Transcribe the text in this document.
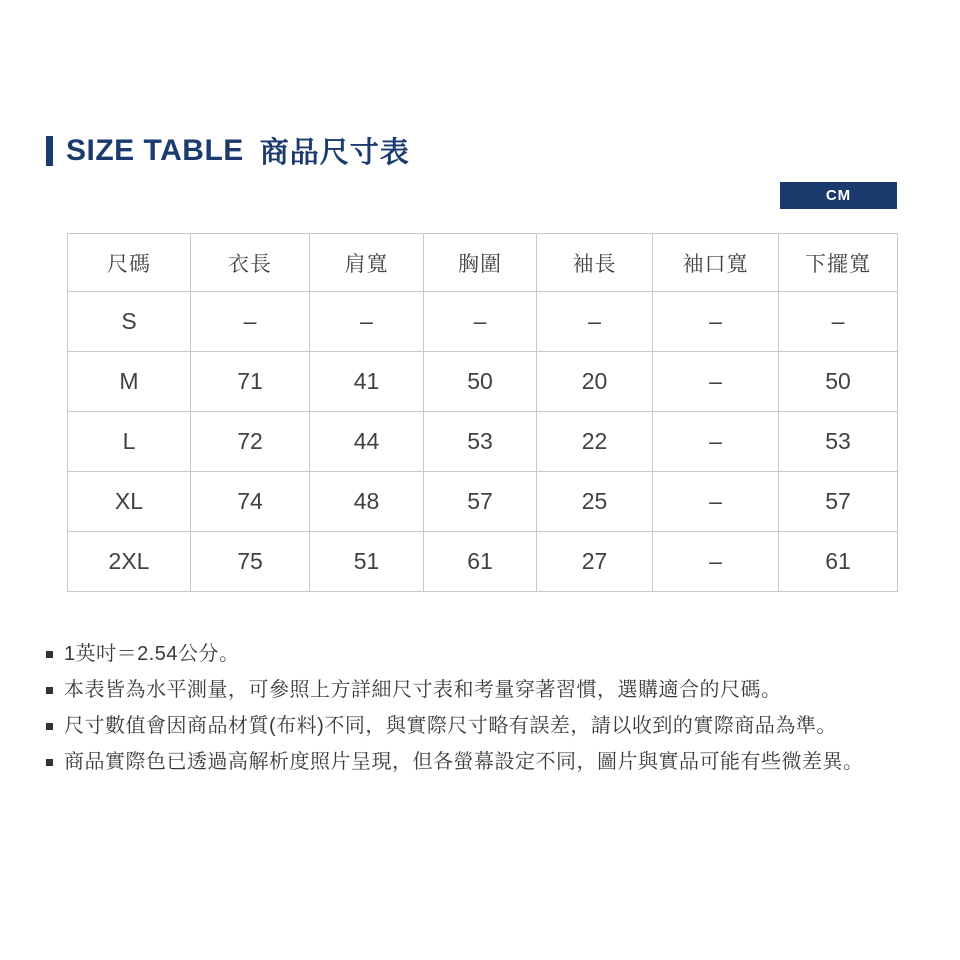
SIZE TABLE 商品尺寸表
CM
尺碼	衣長	肩寬	胸圍	袖長	袖口寬	下擺寬
S	–	–	–	–	–	–
M	71	41	50	20	–	50
L	72	44	53	22	–	53
XL	74	48	57	25	–	57
2XL	75	51	61	27	–	61
1英吋＝2.54公分。
本表皆為水平測量，可參照上方詳細尺寸表和考量穿著習慣，選購適合的尺碼。
尺寸數值會因商品材質(布料)不同，與實際尺寸略有誤差，請以收到的實際商品為準。
商品實際色已透過高解析度照片呈現，但各螢幕設定不同，圖片與實品可能有些微差異。
